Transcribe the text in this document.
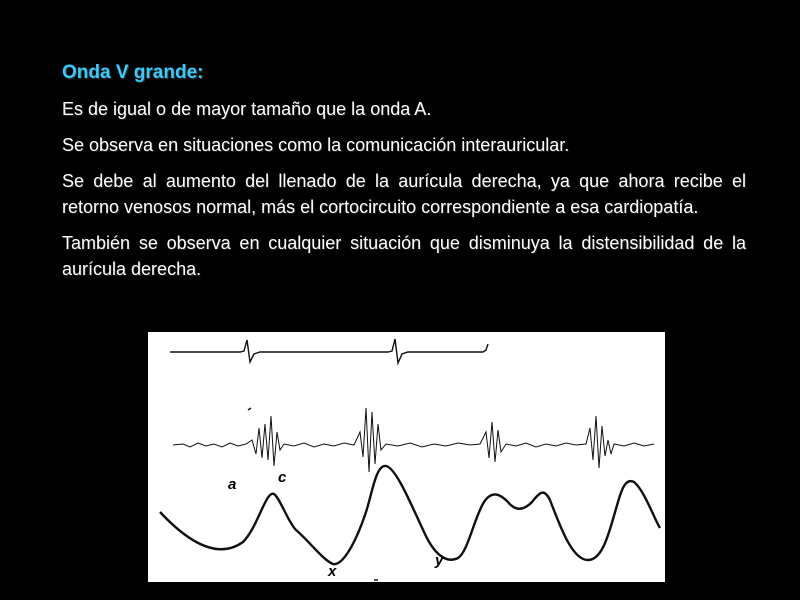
Onda V grande:

Es de igual o de mayor tamaño que la onda A.

Se observa en situaciones como la comunicación interauricular.

Se debe al aumento del llenado de la aurícula derecha, ya que ahora recibe el retorno venosos normal, más el cortocircuito correspondiente a esa cardiopatía.

También se observa en cualquier situación que disminuya la distensibilidad de la aurícula derecha.

a	c
x
y
